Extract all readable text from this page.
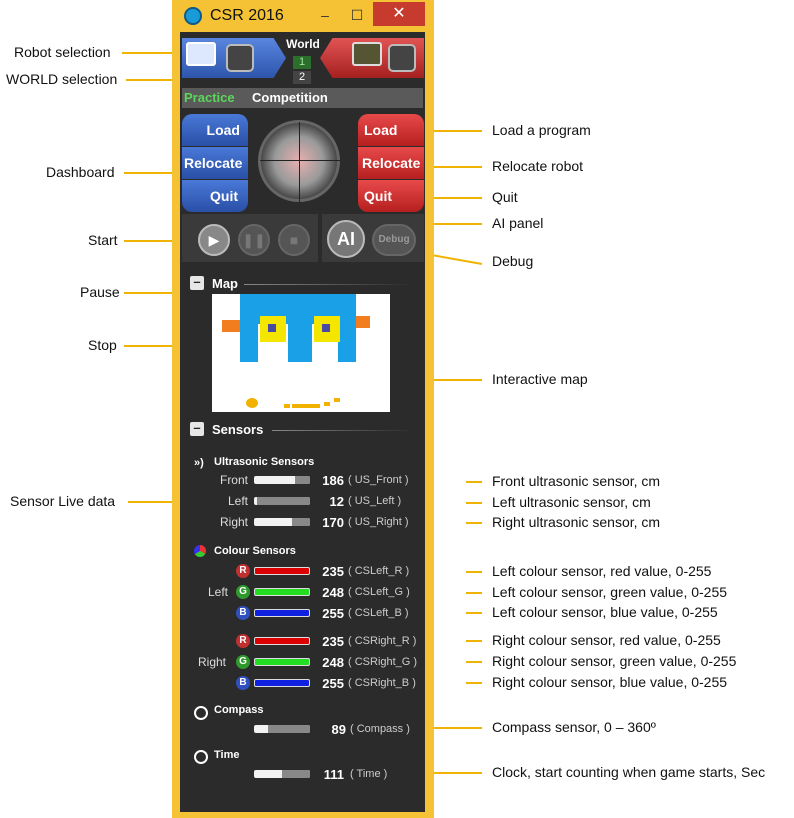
Robot selection
WORLD selection
Dashboard
Start
Pause
Stop
Sensor Live data
Load a program
Relocate robot
Quit
AI panel
Debug
Interactive map
Front ultrasonic sensor, cm
Left ultrasonic sensor, cm
Right ultrasonic sensor, cm
Left colour sensor, red value, 0-255
Left colour sensor, green value, 0-255
Left colour sensor, blue value, 0-255
Right colour sensor, red value, 0-255
Right colour sensor, green value, 0-255
Right colour sensor, blue value, 0-255
Compass sensor, 0 – 360º
Clock, start counting when game starts, Sec
CSR 2016	–	☐	✕
World
1
2
Practice Competition
Load
Relocate
Quit
Load
Relocate
Quit
▶	❚❚	■	AI	Debug
– Map
– Sensors
») Ultrasonic Sensors
Front	186 ( US_Front )
Left	12 ( US_Left )
Right	170 ( US_Right )
Colour Sensors
Left
R	235 ( CSLeft_R )
G	248 ( CSLeft_G )
B	255 ( CSLeft_B )
Right
R	235 ( CSRight_R )
G	248 ( CSRight_G )
B	255 ( CSRight_B )
Compass
89 ( Compass )
Time
111 ( Time )
